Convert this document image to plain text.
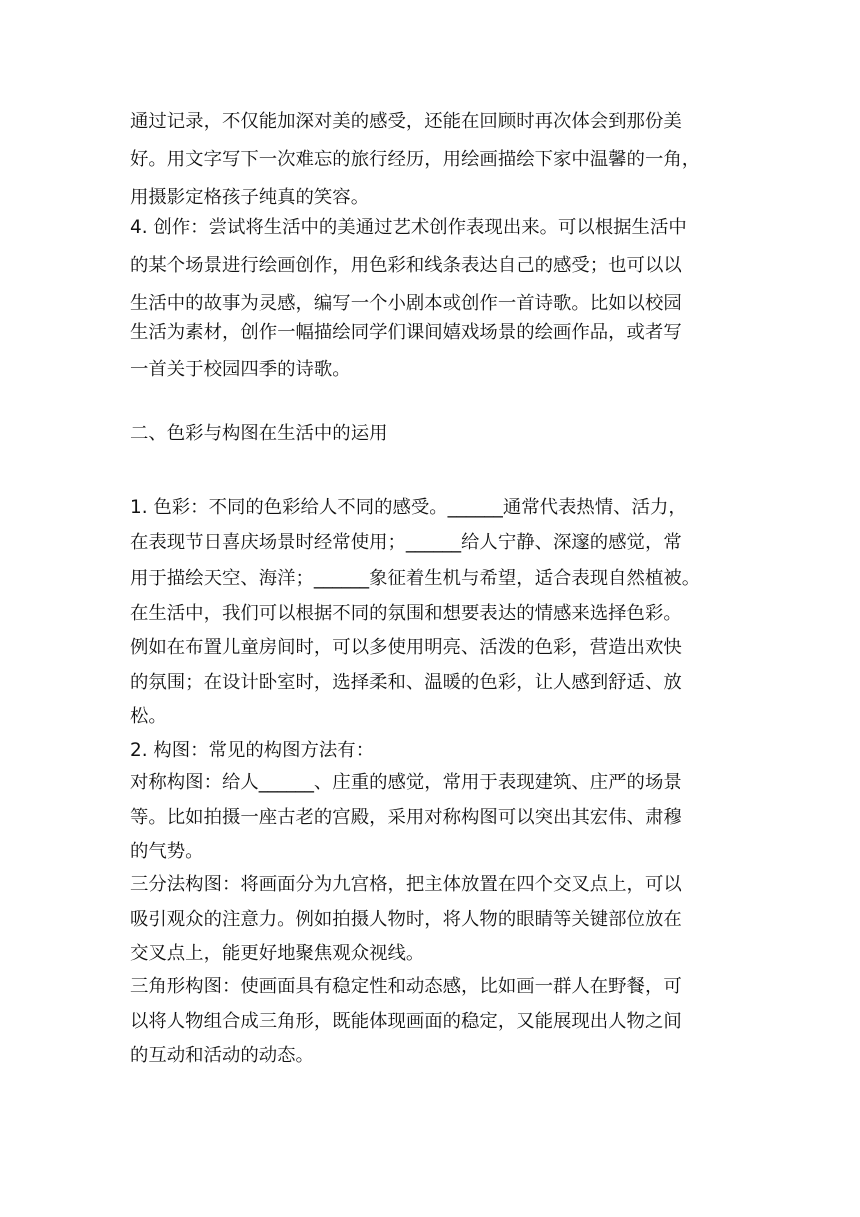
通过记录，不仅能加深对美的感受，还能在回顾时再次体会到那份美
好。用文字写下一次难忘的旅行经历，用绘画描绘下家中温馨的一角，
用摄影定格孩子纯真的笑容。
4. 创作：尝试将生活中的美通过艺术创作表现出来。可以根据生活中
的某个场景进行绘画创作，用色彩和线条表达自己的感受；也可以以
生活中的故事为灵感，编写一个小剧本或创作一首诗歌。比如以校园
生活为素材，创作一幅描绘同学们课间嬉戏场景的绘画作品，或者写
一首关于校园四季的诗歌。
二、色彩与构图在生活中的运用
1. 色彩：不同的色彩给人不同的感受。______通常代表热情、活力，
在表现节日喜庆场景时经常使用；______给人宁静、深邃的感觉，常
用于描绘天空、海洋；______象征着生机与希望，适合表现自然植被。
在生活中，我们可以根据不同的氛围和想要表达的情感来选择色彩。
例如在布置儿童房间时，可以多使用明亮、活泼的色彩，营造出欢快
的氛围；在设计卧室时，选择柔和、温暖的色彩，让人感到舒适、放
松。
2. 构图：常见的构图方法有：
对称构图：给人______、庄重的感觉，常用于表现建筑、庄严的场景
等。比如拍摄一座古老的宫殿，采用对称构图可以突出其宏伟、肃穆
的气势。
三分法构图：将画面分为九宫格，把主体放置在四个交叉点上，可以
吸引观众的注意力。例如拍摄人物时，将人物的眼睛等关键部位放在
交叉点上，能更好地聚焦观众视线。
三角形构图：使画面具有稳定性和动态感，比如画一群人在野餐，可
以将人物组合成三角形，既能体现画面的稳定，又能展现出人物之间
的互动和活动的动态。
